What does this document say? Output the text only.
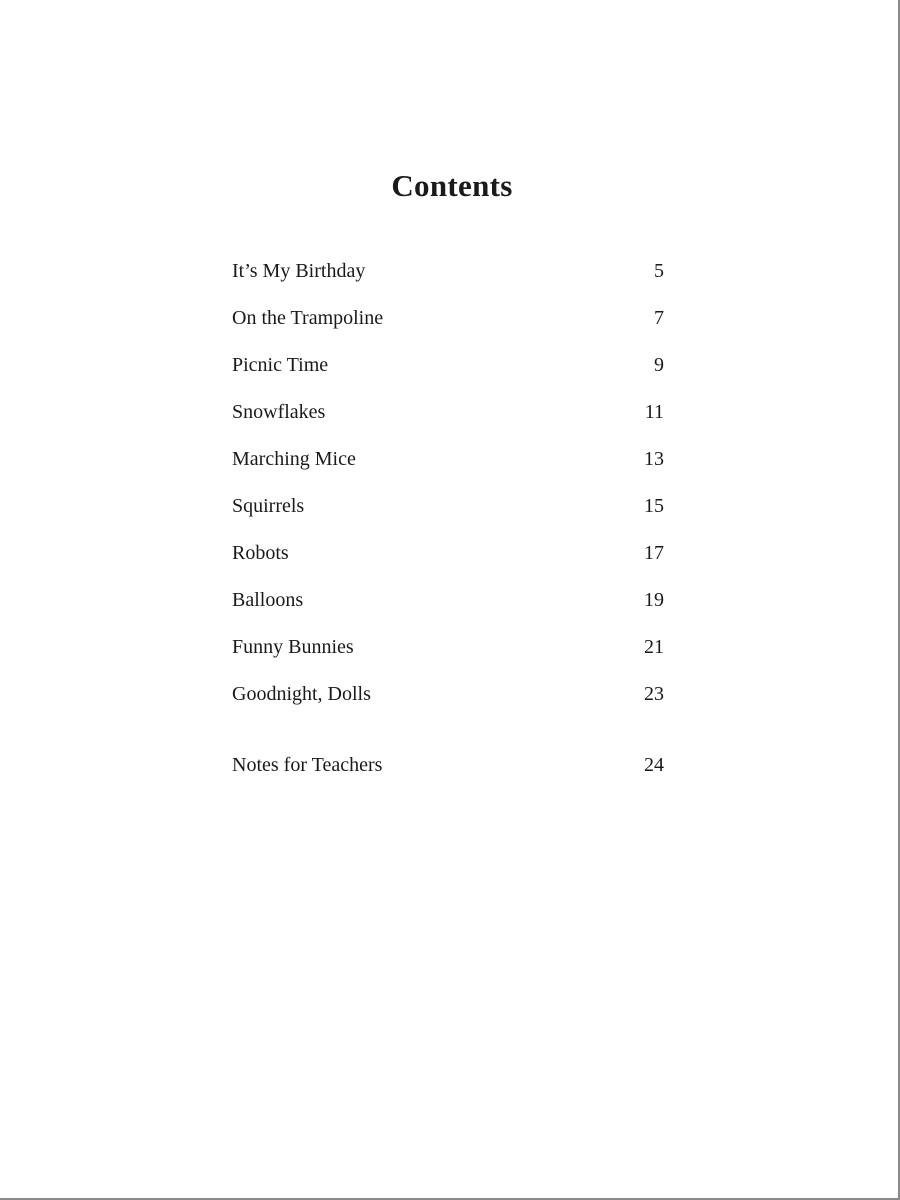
Contents
It’s My Birthday	5
On the Trampoline	7
Picnic Time	9
Snowflakes	11
Marching Mice	13
Squirrels	15
Robots	17
Balloons	19
Funny Bunnies	21
Goodnight, Dolls	23
Notes for Teachers	24
